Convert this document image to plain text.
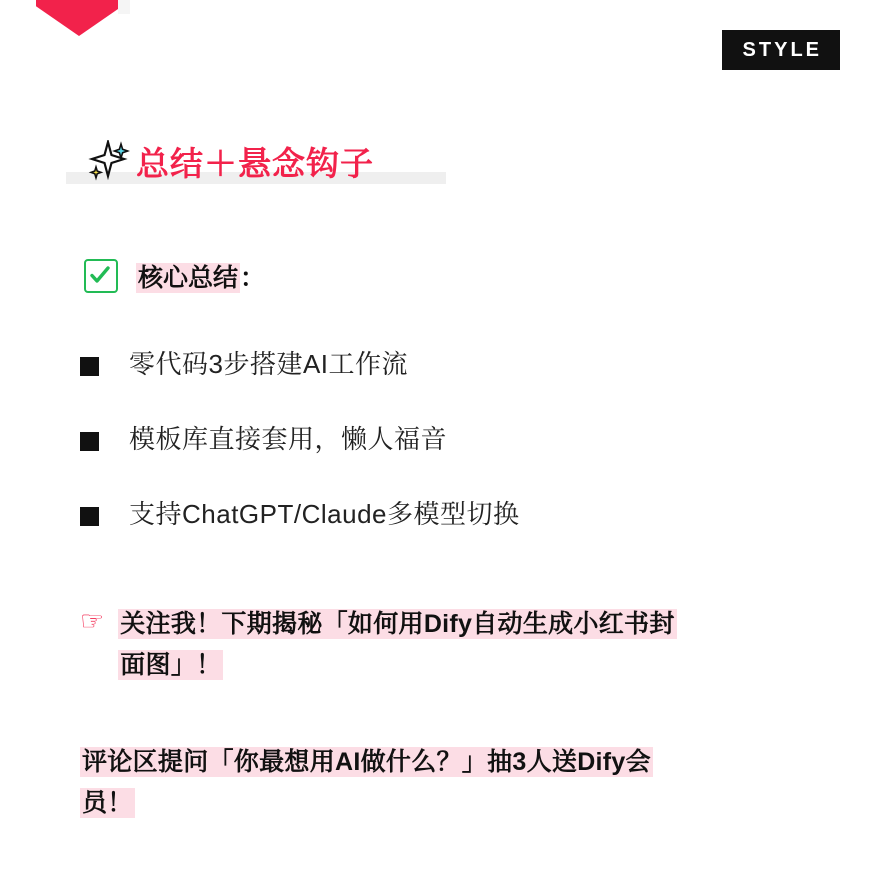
STYLE
总结＋悬念钩子
核心总结：
零代码3步搭建AI工作流
模板库直接套用，懒人福音
支持ChatGPT/Claude多模型切换
☞ 关注我！下期揭秘「如何用Dify自动生成小红书封
面图」！
评论区提问「你最想用AI做什么？」抽3人送Dify会
员！
